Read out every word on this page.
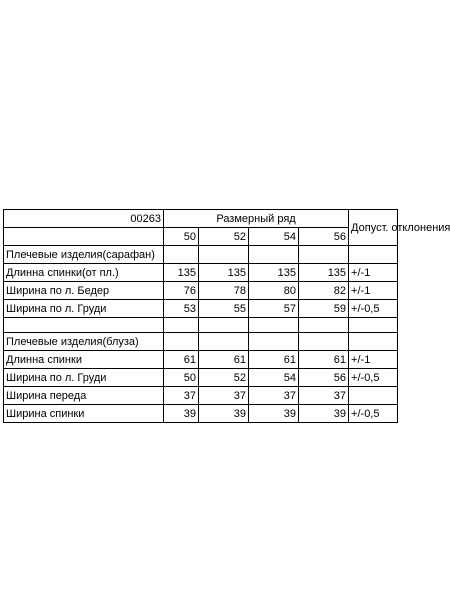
00263	Размерный ряд				Допуст. отклонения
	50	52	54	56	
Плечевые изделия(сарафан)					
Длинна спинки(от пл.)	135	135	135	135	+/-1
Ширина по л. Бедер	76	78	80	82	+/-1
Ширина по л. Груди	53	55	57	59	+/-0,5

Плечевые изделия(блуза)					
Длинна спинки	61	61	61	61	+/-1
Ширина по л. Груди	50	52	54	56	+/-0,5
Ширина переда	37	37	37	37	
Ширина спинки	39	39	39	39	+/-0,5
